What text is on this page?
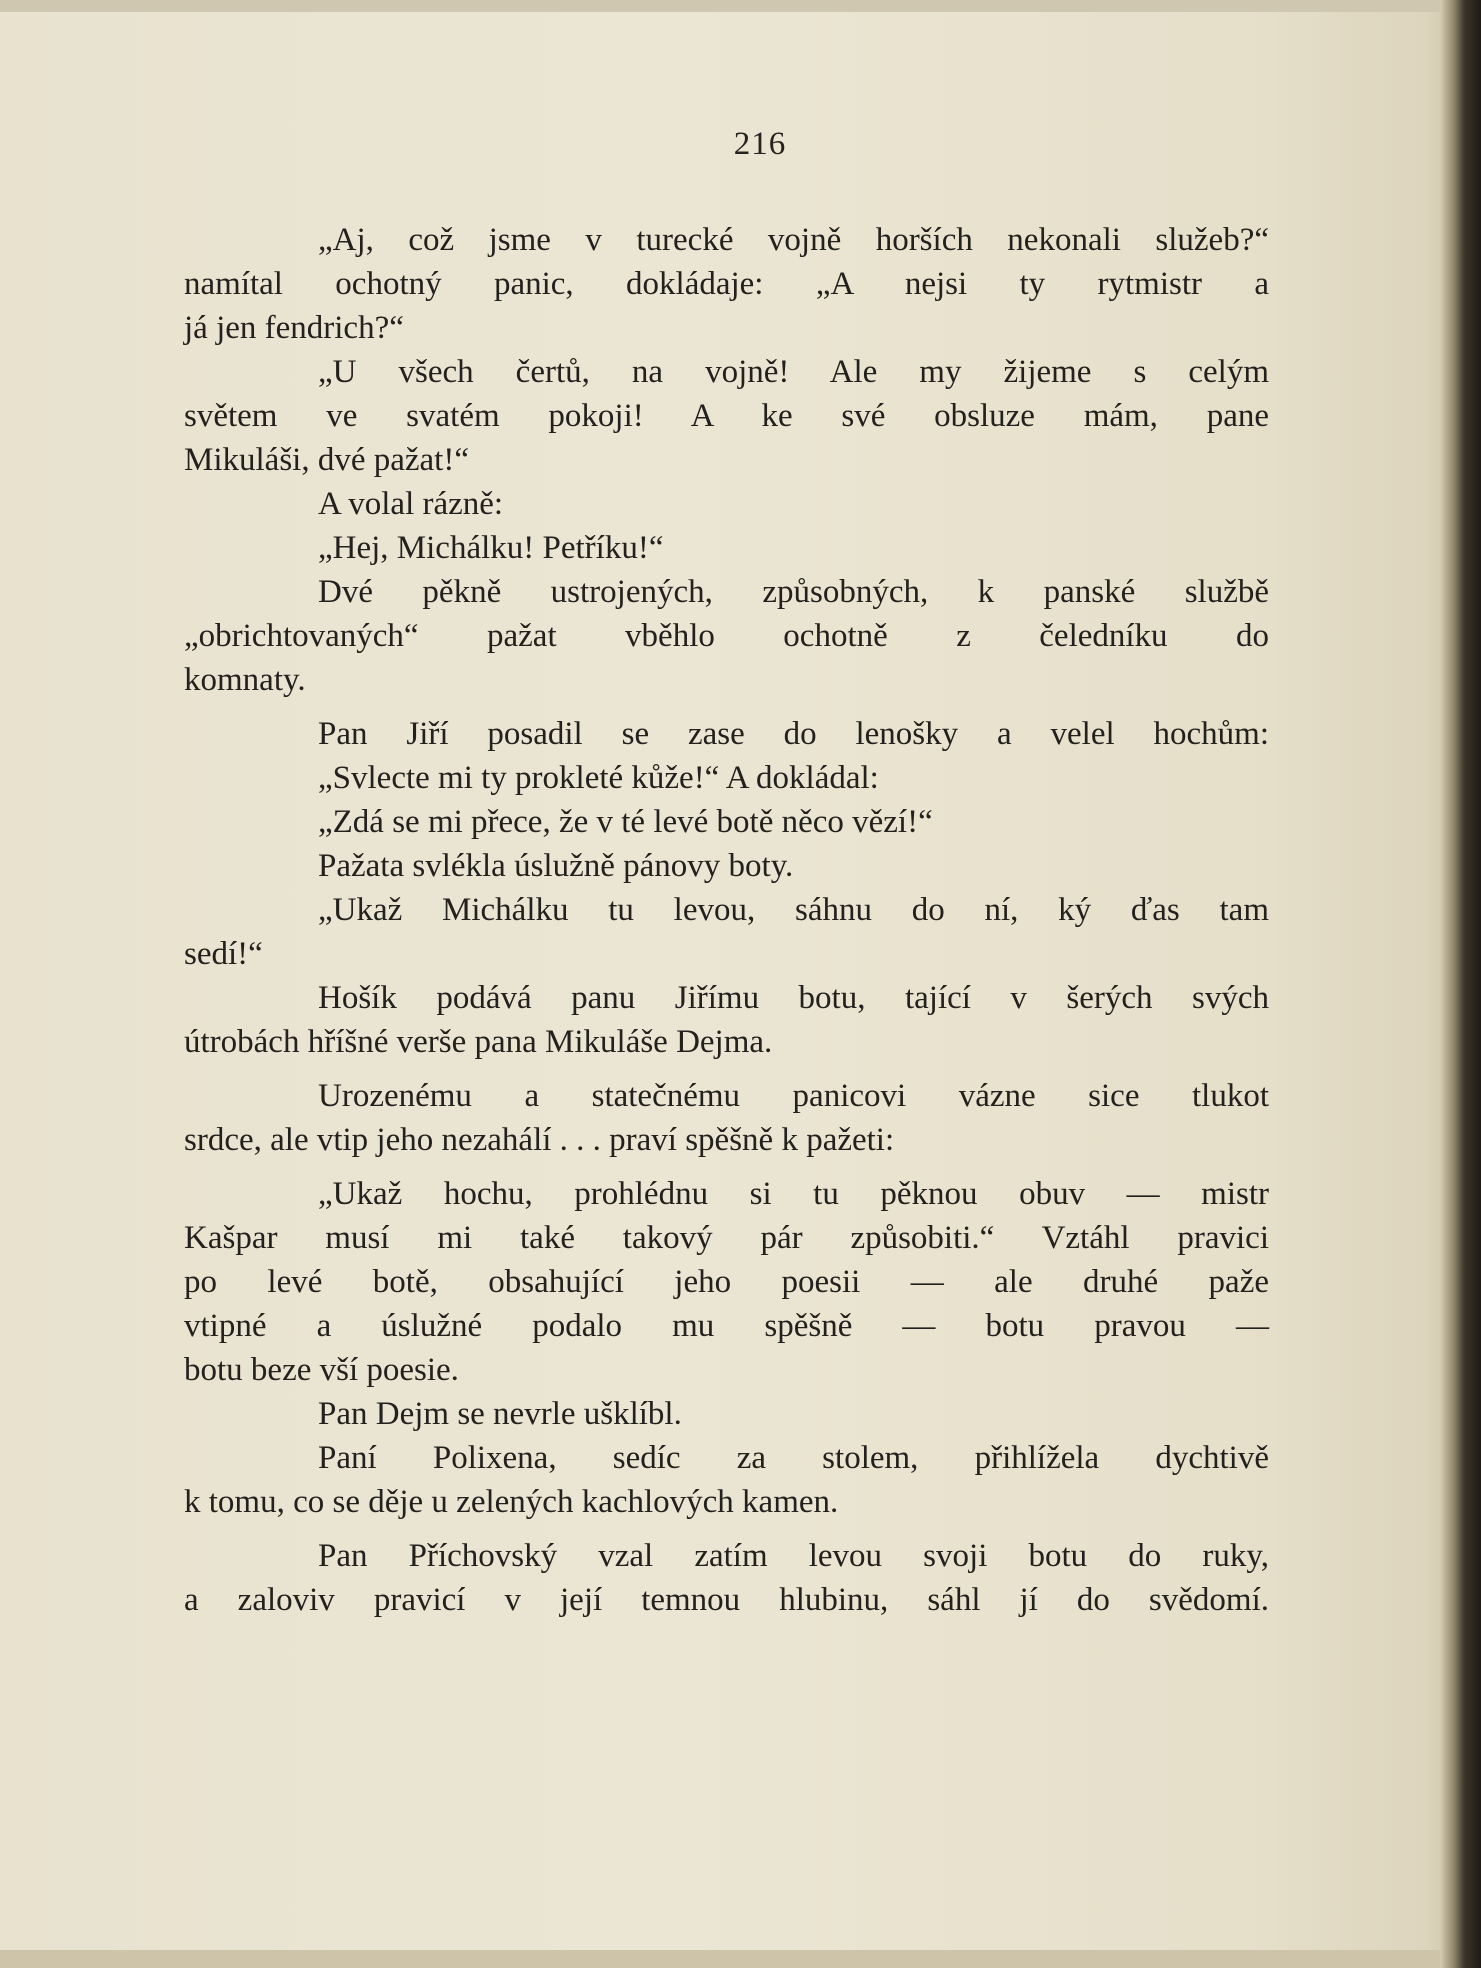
216

„Aj, což jsme v turecké vojně horších nekonali služeb?“
namítal ochotný panic, dokládaje: „A nejsi ty rytmistr a
já jen fendrich?“

„U všech čertů, na vojně! Ale my žijeme s celým
světem ve svatém pokoji! A ke své obsluze mám, pane
Mikuláši, dvé pažat!“

A volal rázně:

„Hej, Michálku! Petříku!“

Dvé pěkně ustrojených, způsobných, k panské službě
„obrichtovaných“ pažat vběhlo ochotně z čeledníku do
komnaty.

Pan Jiří posadil se zase do lenošky a velel hochům:

„Svlecte mi ty prokleté kůže!“ A dokládal:

„Zdá se mi přece, že v té levé botě něco vězí!“

Pažata svlékla úslužně pánovy boty.

„Ukaž Michálku tu levou, sáhnu do ní, ký ďas tam
sedí!“

Hošík podává panu Jiřímu botu, tající v šerých svých
útrobách hříšné verše pana Mikuláše Dejma.

Urozenému a statečnému panicovi vázne sice tlukot
srdce, ale vtip jeho nezahálí . . . praví spěšně k pažeti:

„Ukaž hochu, prohlédnu si tu pěknou obuv — mistr
Kašpar musí mi také takový pár způsobiti.“ Vztáhl pravici
po levé botě, obsahující jeho poesii — ale druhé paže
vtipné a úslužné podalo mu spěšně — botu pravou —
botu beze vší poesie.

Pan Dejm se nevrle ušklíbl.

Paní Polixena, sedíc za stolem, přihlížela dychtivě
k tomu, co se děje u zelených kachlových kamen.

Pan Příchovský vzal zatím levou svoji botu do ruky,
a zaloviv pravicí v její temnou hlubinu, sáhl jí do svědomí.
